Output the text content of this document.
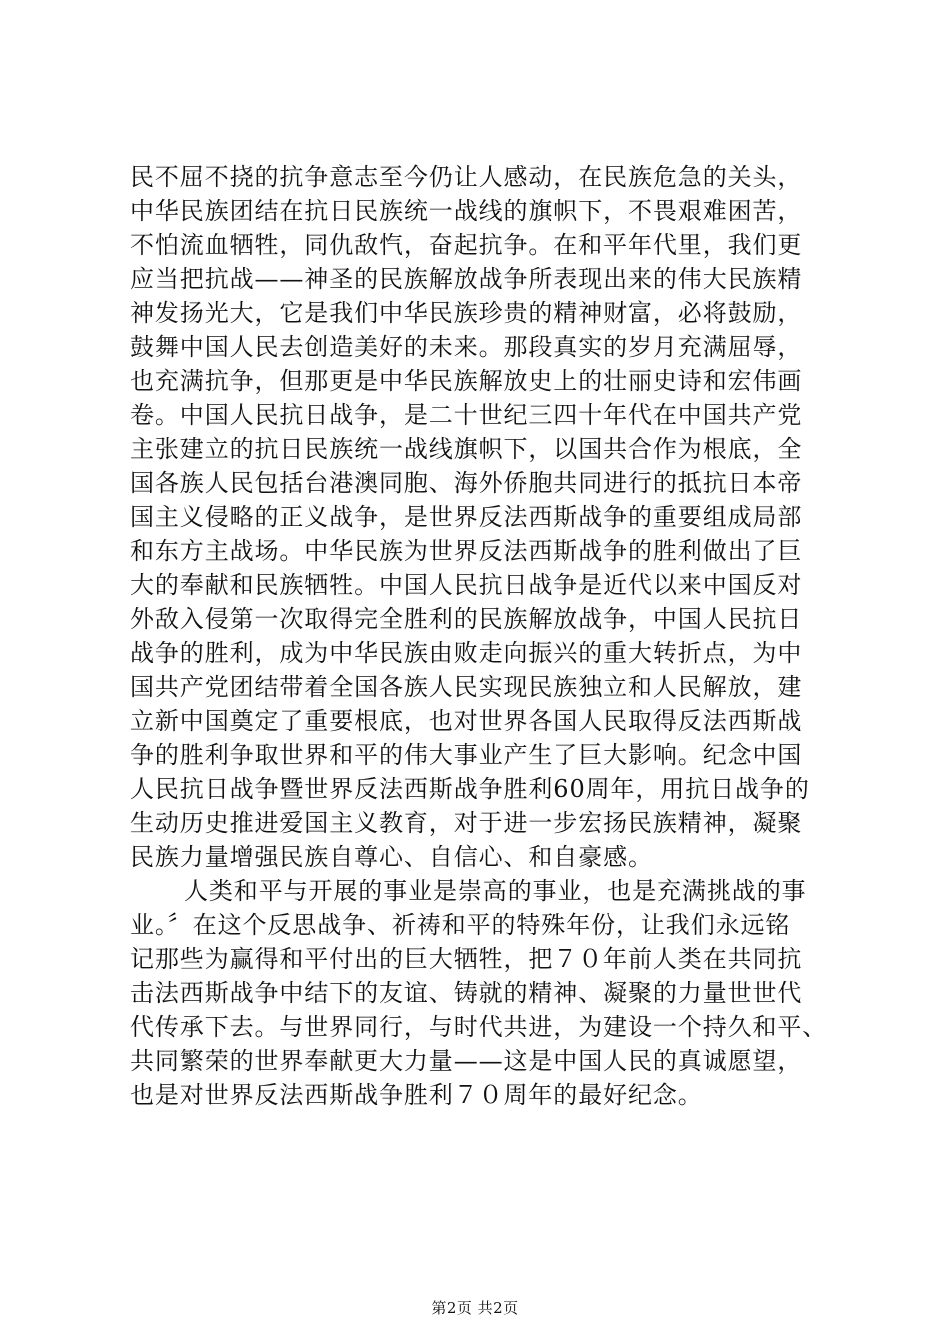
民不屈不挠的抗争意志至今仍让人感动，在民族危急的关头，
中华民族团结在抗日民族统一战线的旗帜下，不畏艰难困苦，
不怕流血牺牲，同仇敌忾，奋起抗争。在和平年代里，我们更
应当把抗战——神圣的民族解放战争所表现出来的伟大民族精
神发扬光大，它是我们中华民族珍贵的精神财富，必将鼓励，
鼓舞中国人民去创造美好的未来。那段真实的岁月充满屈辱，
也充满抗争，但那更是中华民族解放史上的壮丽史诗和宏伟画
卷。中国人民抗日战争，是二十世纪三四十年代在中国共产党
主张建立的抗日民族统一战线旗帜下，以国共合作为根底，全
国各族人民包括台港澳同胞、海外侨胞共同进行的抵抗日本帝
国主义侵略的正义战争，是世界反法西斯战争的重要组成局部
和东方主战场。中华民族为世界反法西斯战争的胜利做出了巨
大的奉献和民族牺牲。中国人民抗日战争是近代以来中国反对
外敌入侵第一次取得完全胜利的民族解放战争，中国人民抗日
战争的胜利，成为中华民族由败走向振兴的重大转折点，为中
国共产党团结带着全国各族人民实现民族独立和人民解放，建
立新中国奠定了重要根底，也对世界各国人民取得反法西斯战
争的胜利争取世界和平的伟大事业产生了巨大影响。纪念中国
人民抗日战争暨世界反法西斯战争胜利60周年，用抗日战争的
生动历史推进爱国主义教育，对于进一步宏扬民族精神，凝聚
民族力量增强民族自尊心、自信心、和自豪感。
人类和平与开展的事业是崇高的事业，也是充满挑战的事
业。〞在这个反思战争、祈祷和平的特殊年份，让我们永远铭
记那些为赢得和平付出的巨大牺牲，把７０年前人类在共同抗
击法西斯战争中结下的友谊、铸就的精神、凝聚的力量世世代
代传承下去。与世界同行，与时代共进，为建设一个持久和平、
共同繁荣的世界奉献更大力量——这是中国人民的真诚愿望，
也是对世界反法西斯战争胜利７０周年的最好纪念。
第2页 共2页
